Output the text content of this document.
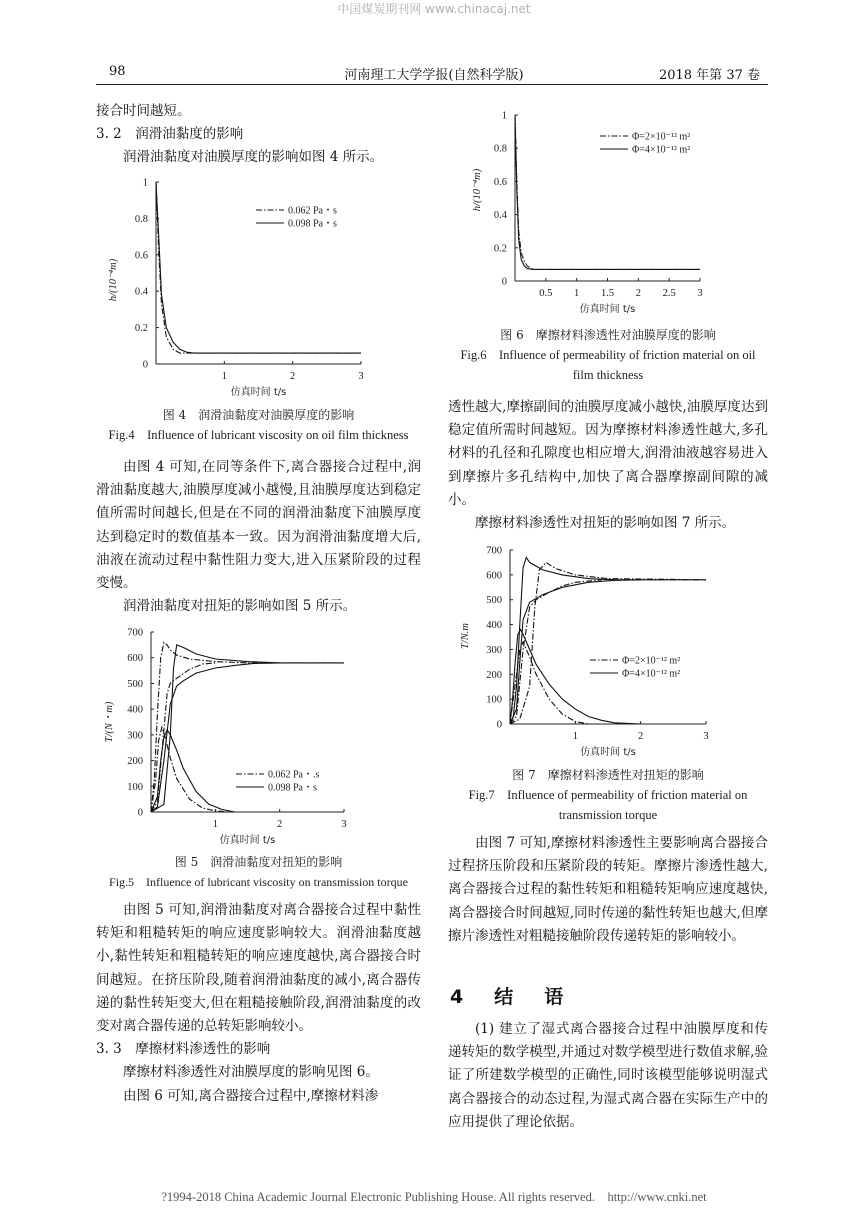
中国煤炭期刊网 www.chinacaj.net
98	河南理工大学学报(自然科学版)	2018 年第 37 卷

接合时间越短。

3. 2　润滑油黏度的影响

润滑油黏度对油膜厚度的影响如图 4 所示。

0
0.2
0.4
0.6
0.8
1
1	2	3
仿真时间 t/s
h/(10⁻⁴m)
0.062 Pa・s
0.098 Pa・s
图 4　润滑油黏度对油膜厚度的影响
Fig.4　Influence of lubricant viscosity on oil film thickness

由图 4 可知,在同等条件下,离合器接合过程中,润滑油黏度越大,油膜厚度减小越慢,且油膜厚度达到稳定值所需时间越长,但是在不同的润滑油黏度下油膜厚度达到稳定时的数值基本一致。因为润滑油黏度增大后,油液在流动过程中黏性阻力变大,进入压紧阶段的过程变慢。

润滑油黏度对扭矩的影响如图 5 所示。

0
100
200
300
400
500
600
700
1	2	3
仿真时间 t/s
T/(N・m)
0.062 Pa・.s
0.098 Pa・s
图 5　润滑油黏度对扭矩的影响
Fig.5　Influence of lubricant viscosity on transmission torque

由图 5 可知,润滑油黏度对离合器接合过程中黏性转矩和粗糙转矩的响应速度影响较大。润滑油黏度越小,黏性转矩和粗糙转矩的响应速度越快,离合器接合时间越短。在挤压阶段,随着润滑油黏度的减小,离合器传递的黏性转矩变大,但在粗糙接触阶段,润滑油黏度的改变对离合器传递的总转矩影响较小。

3. 3　摩擦材料渗透性的影响

摩擦材料渗透性对油膜厚度的影响见图 6。

由图 6 可知,离合器接合过程中,摩擦材料渗

0
0.2
0.4
0.6
0.8
1
0.5 1 1.5 2 2.5 3
仿真时间 t/s
h/(10⁻⁴m)
Φ=2×10⁻¹² m²
Φ=4×10⁻¹² m²
图 6　摩擦材料渗透性对油膜厚度的影响
Fig.6　Influence of permeability of friction material on oil
film thickness

透性越大,摩擦副间的油膜厚度减小越快,油膜厚度达到稳定值所需时间越短。因为摩擦材料渗透性越大,多孔材料的孔径和孔隙度也相应增大,润滑油液越容易进入到摩擦片多孔结构中,加快了离合器摩擦副间隙的减小。

摩擦材料渗透性对扭矩的影响如图 7 所示。

0
100
200
300
400
500
600
700
1	2	3
仿真时间 t/s
T/N.m
Φ=2×10⁻¹² m²
Φ=4×10⁻¹² m²
图 7　摩擦材料渗透性对扭矩的影响
Fig.7　Influence of permeability of friction material on
transmission torque

由图 7 可知,摩擦材料渗透性主要影响离合器接合过程挤压阶段和压紧阶段的转矩。摩擦片渗透性越大,离合器接合过程的黏性转矩和粗糙转矩响应速度越快,离合器接合时间越短,同时传递的黏性转矩也越大,但摩擦片渗透性对粗糙接触阶段传递转矩的影响较小。

4　结　语

(1) 建立了湿式离合器接合过程中油膜厚度和传递转矩的数学模型,并通过对数学模型进行数值求解,验证了所建数学模型的正确性,同时该模型能够说明湿式离合器接合的动态过程,为湿式离合器在实际生产中的应用提供了理论依据。

?1994-2018 China Academic Journal Electronic Publishing House. All rights reserved.　http://www.cnki.net
